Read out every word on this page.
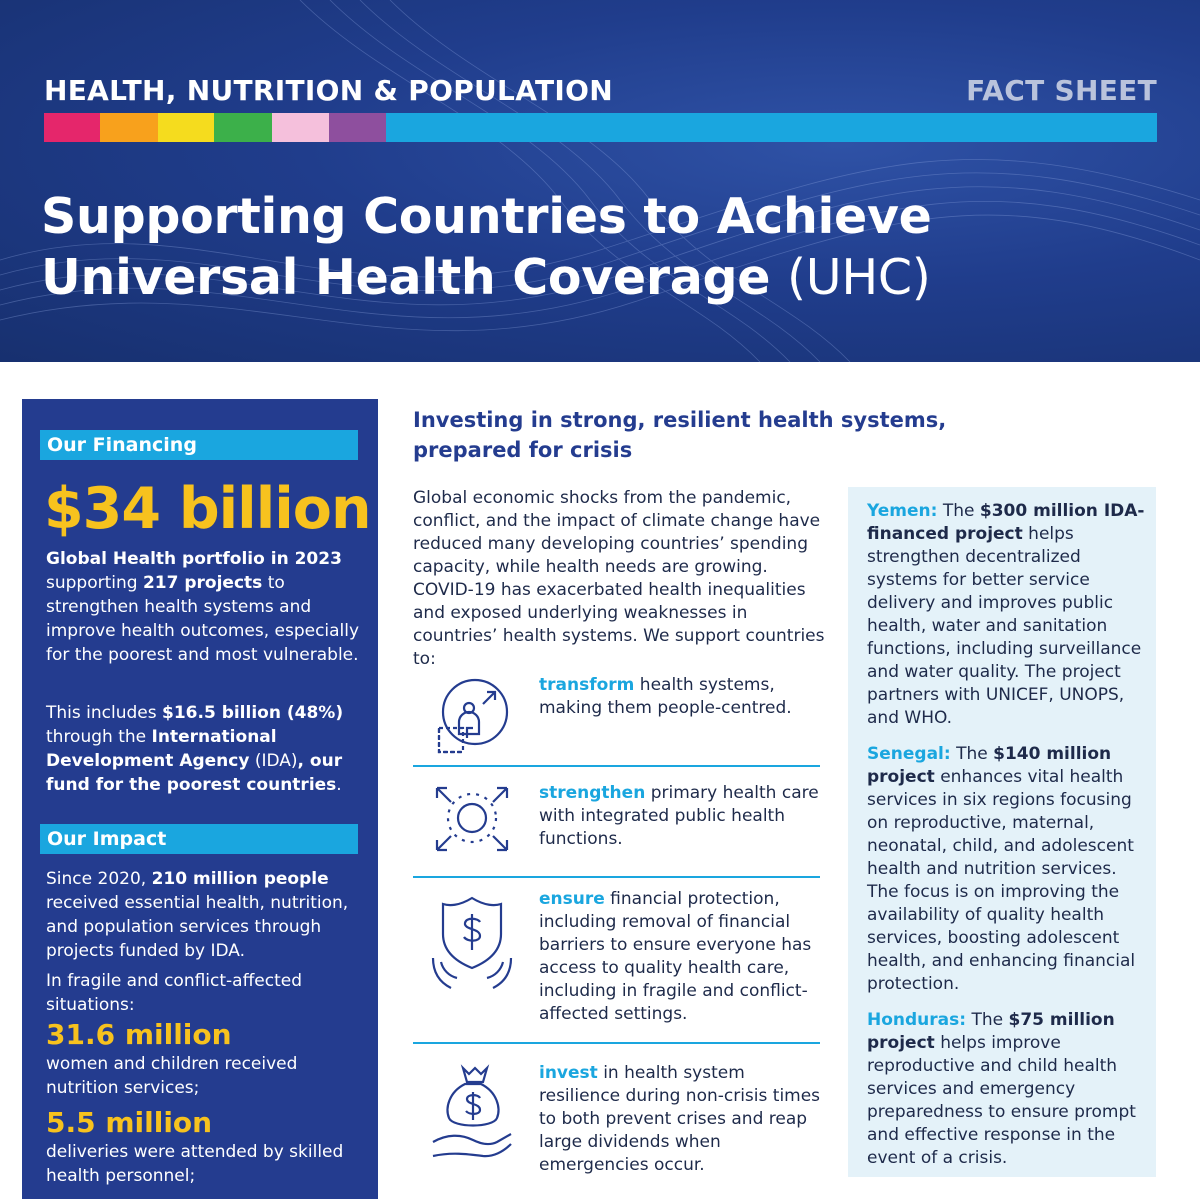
HEALTH, NUTRITION & POPULATION	FACT SHEET
Supporting Countries to Achieve Universal Health Coverage (UHC)
Our Financing
$34 billion

Global Health portfolio in 2023 supporting 217 projects to strengthen health systems and improve health outcomes, especially for the poorest and most vulnerable.

This includes $16.5 billion (48%) through the International Development Agency (IDA), our fund for the poorest countries.

Our Impact

Since 2020, 210 million people received essential health, nutrition, and population services through projects funded by IDA.

In fragile and conflict-affected situations:

31.6 million

women and children received nutrition services;

5.5 million

deliveries were attended by skilled health personnel;

Investing in strong, resilient health systems, prepared for crisis

Global economic shocks from the pandemic, conflict, and the impact of climate change have reduced many developing countries’ spending capacity, while health needs are growing. COVID-19 has exacerbated health inequalities and exposed underlying weaknesses in countries’ health systems. We support countries to:

transform health systems, making them people-centred.

strengthen primary health care with integrated public health functions.

ensure financial protection, including removal of financial barriers to ensure everyone has access to quality health care, including in fragile and conflict-affected settings.

invest in health system resilience during non-crisis times to both prevent crises and reap large dividends when emergencies occur.

Yemen: The $300 million IDA-financed project helps strengthen decentralized systems for better service delivery and improves public health, water and sanitation functions, including surveillance and water quality. The project partners with UNICEF, UNOPS, and WHO.

Senegal: The $140 million project enhances vital health services in six regions focusing on reproductive, maternal, neonatal, child, and adolescent health and nutrition services. The focus is on improving the availability of quality health services, boosting adolescent health, and enhancing financial protection.

Honduras: The $75 million project helps improve reproductive and child health services and emergency preparedness to ensure prompt and effective response in the event of a crisis.
